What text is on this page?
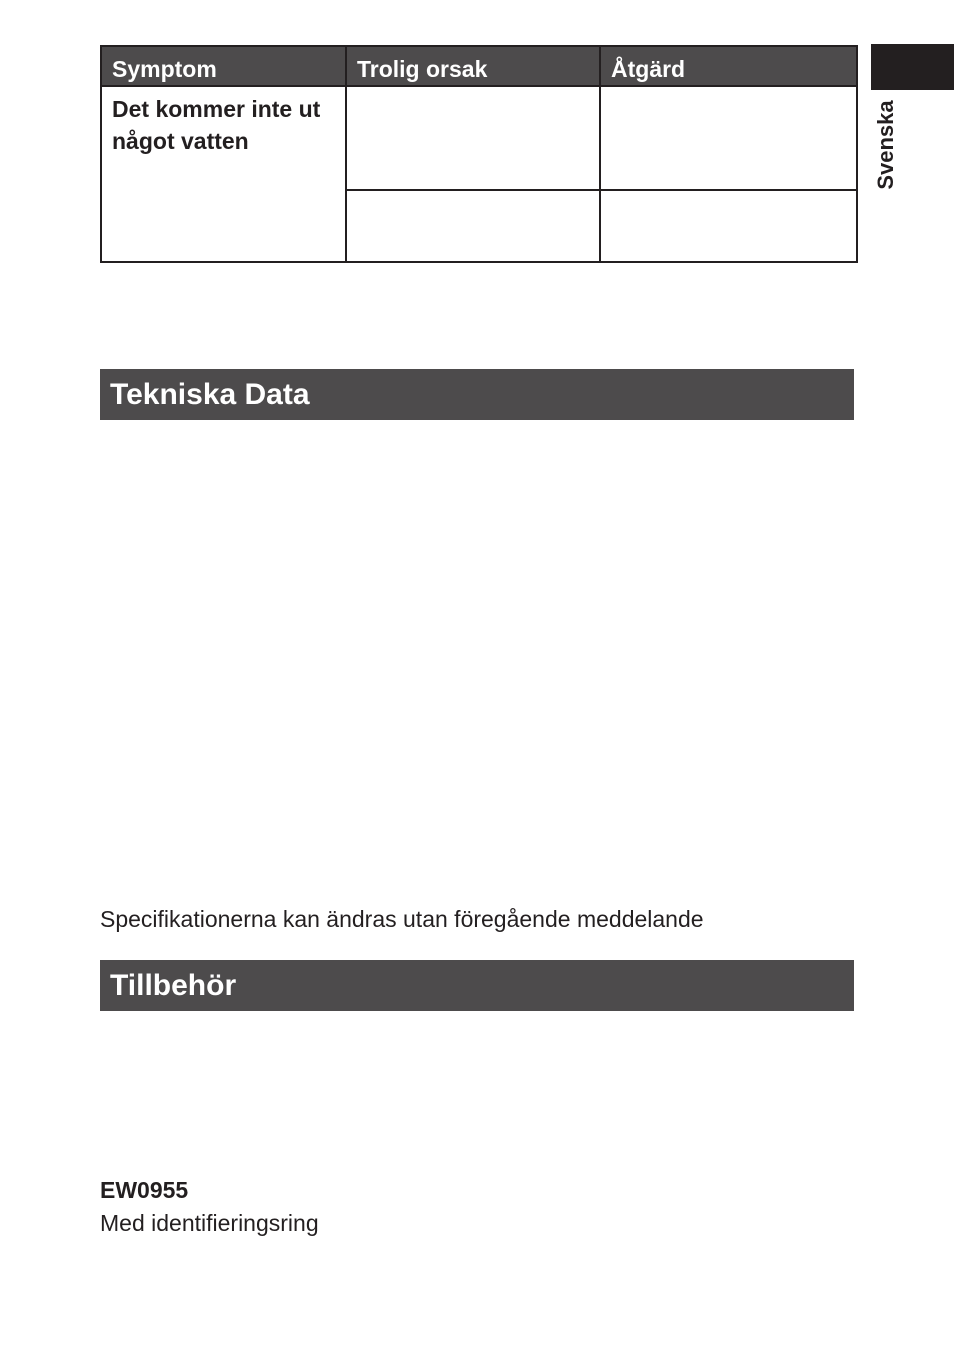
Svenska
Symptom	Trolig orsak	Åtgärd
Det kommer inte ut
något vatten		

Tekniska Data
Specifikationerna kan ändras utan föregående meddelande
Tillbehör
EW0955
Med identifieringsring
